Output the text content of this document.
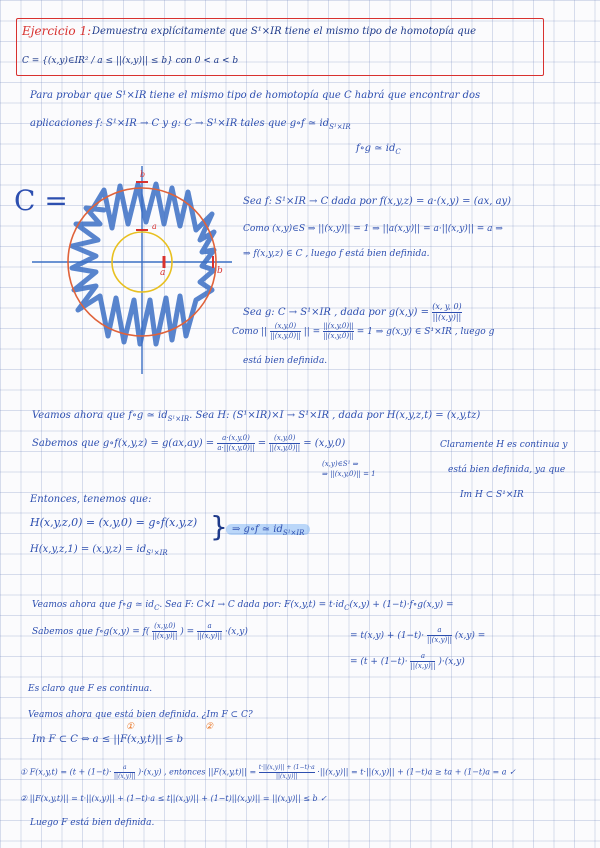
Ejercicio 1: Demuestra explícitamente que S¹×IR tiene el mismo tipo de homotopía que
C = {(x,y)∈IR² / a ≤ ||(x,y)|| ≤ b} con 0 < a < b
Para probar que S¹×IR tiene el mismo tipo de homotopía que C habrá que encontrar dos
aplicaciones f: S¹×IR → C y g: C → S¹×IR tales que g∘f ≃ $id_{S^1\times IR}$
f∘g ≃ $id_C$
C =
a	b
b
a
Sea f: S¹×IR → C dada por f(x,y,z) = a·(x,y) = (ax, ay)
Como (x,y)∈S ⇒ ||(x,y)|| = 1 ⇒ ||a(x,y)|| = a·||(x,y)|| = a ⇒
⇒ f(x,y,z) ∈ C , luego f está bien definida.
Sea g: C → S¹×IR , dada por $g(x,y) = \frac{(x, y, 0)}{||(x,y)||}$
Como || $\frac{(x,y,0)}{||(x,y,0)||}$ || = $\frac{||(x,y,0)||}{||(x,y,0)||} = 1$ ⇒ g(x,y) ∈ S¹×IR , luego g
está bien definida.
Veamos ahora que f∘g ≃ $id_{S^1\times IR}$. Sea H: (S¹×IR)×I → S¹×IR , dada por H(x,y,z,t) = (x,y,tz)
Sabemos que g∘f(x,y,z) = $g(ax,ay) = \frac{a\cdot(x,y,0)}{a\cdot||(x,y,0)||} = \frac{(x,y,0)}{||(x,y,0)||} = (x,y,0)$
(x,y)∈S¹ ⇒
⇒ ||(x,y,0)|| = 1
Claramente H es continua y
está bien definida, ya que
Im H ⊂ S¹×IR
Entonces, tenemos que:
H(x,y,z,0) = (x,y,0) = g∘f(x,y,z)
$H(x,y,z,1) = (x,y,z) = id_{S^1\times IR}$
} ⇒ g∘f ≃ $id_{S^1\times IR}$
Veamos ahora que f∘g ≃ $id_C$. Sea F: C×I → C dada por: $F(x,y,t) = t\cdot id_C(x,y)$ + (1−t)·f∘g(x,y) =
Sabemos que f∘g(x,y) = $f( \frac{(x,y,0)}{||(x,y)||}$ ) = $\frac{a}{||(x,y)||} \cdot(x,y)$	= $t(x,y) + (1-t)\cdot \frac{a}{||(x,y)||} (x,y)$ =
= $(t + (1-t)\cdot \frac{a}{||(x,y)||} )\cdot(x,y)$
Es claro que F es continua.
Veamos ahora que está bien definida. ¿Im F ⊂ C?
Im F ⊂ C ⇔ a ≤ ||F(x,y,t)|| ≤ b
①	②
① $F(x,y,t) = (t + (1-t)\cdot \frac{a}{||(x,y)||} )\cdot(x,y)$ , entonces $||F(x,y,t)|| = \frac{t\cdot||(x,y)|| + (1-t)\cdot a}{||(x,y)||} \cdot||(x,y)|| = t\cdot||(x,y)|| + (1-t)a$ ≥ ta + (1−t)a = a ✓
② ||F(x,y,t)|| = t·||(x,y)|| + (1−t)·a ≤ t||(x,y)|| + (1−t)||(x,y)|| = ||(x,y)|| ≤ b ✓
Luego F está bien definida.
